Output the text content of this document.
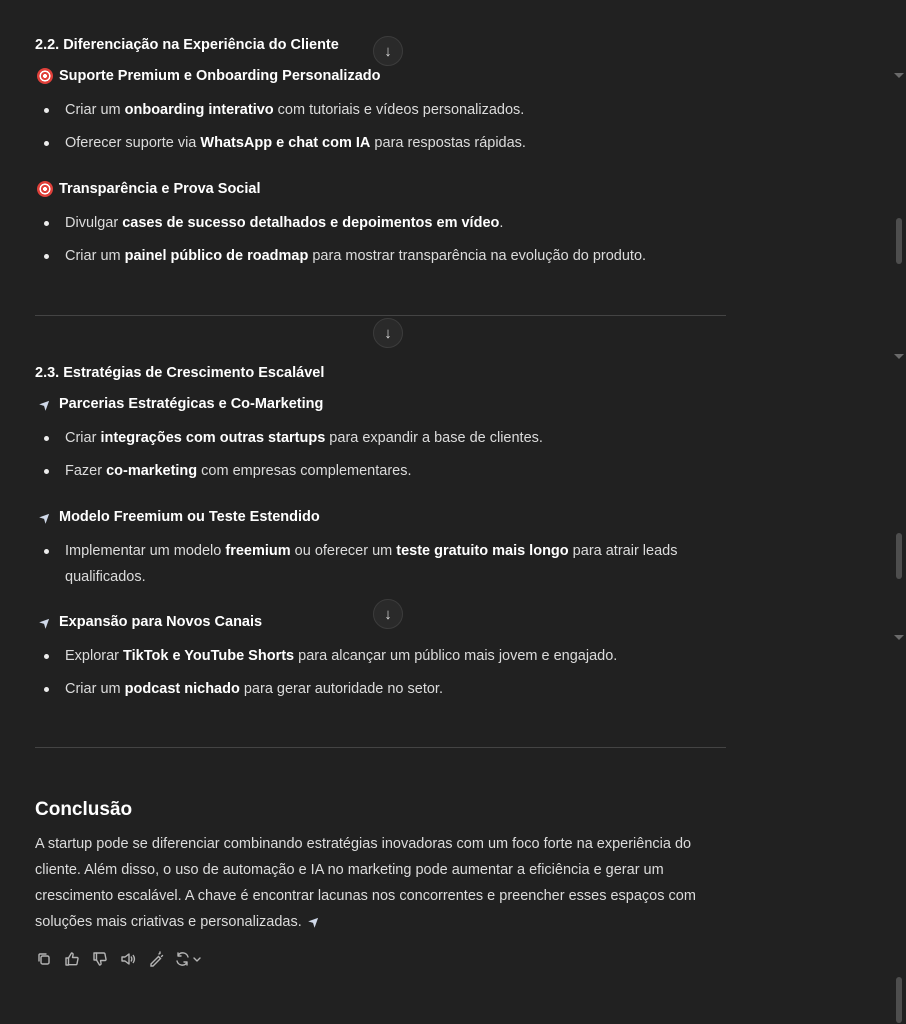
2.2. Diferenciação na Experiência do Cliente	↓
Suporte Premium e Onboarding Personalizado
Criar um onboarding interativo com tutoriais e vídeos personalizados.
Oferecer suporte via WhatsApp e chat com IA para respostas rápidas.
Transparência e Prova Social
Divulgar cases de sucesso detalhados e depoimentos em vídeo.
Criar um painel público de roadmap para mostrar transparência na evolução do produto.
↓
2.3. Estratégias de Crescimento Escalável
➤ Parcerias Estratégicas e Co-Marketing
Criar integrações com outras startups para expandir a base de clientes.
Fazer co-marketing com empresas complementares.
➤ Modelo Freemium ou Teste Estendido
Implementar um modelo freemium ou oferecer um teste gratuito mais longo para atrair leads
qualificados.
↓
➤ Expansão para Novos Canais
Explorar TikTok e YouTube Shorts para alcançar um público mais jovem e engajado.
Criar um podcast nichado para gerar autoridade no setor.
Conclusão
A startup pode se diferenciar combinando estratégias inovadoras com um foco forte na experiência do
cliente. Além disso, o uso de automação e IA no marketing pode aumentar a eficiência e gerar um
crescimento escalável. A chave é encontrar lacunas nos concorrentes e preencher esses espaços com
soluções mais criativas e personalizadas. ➤
